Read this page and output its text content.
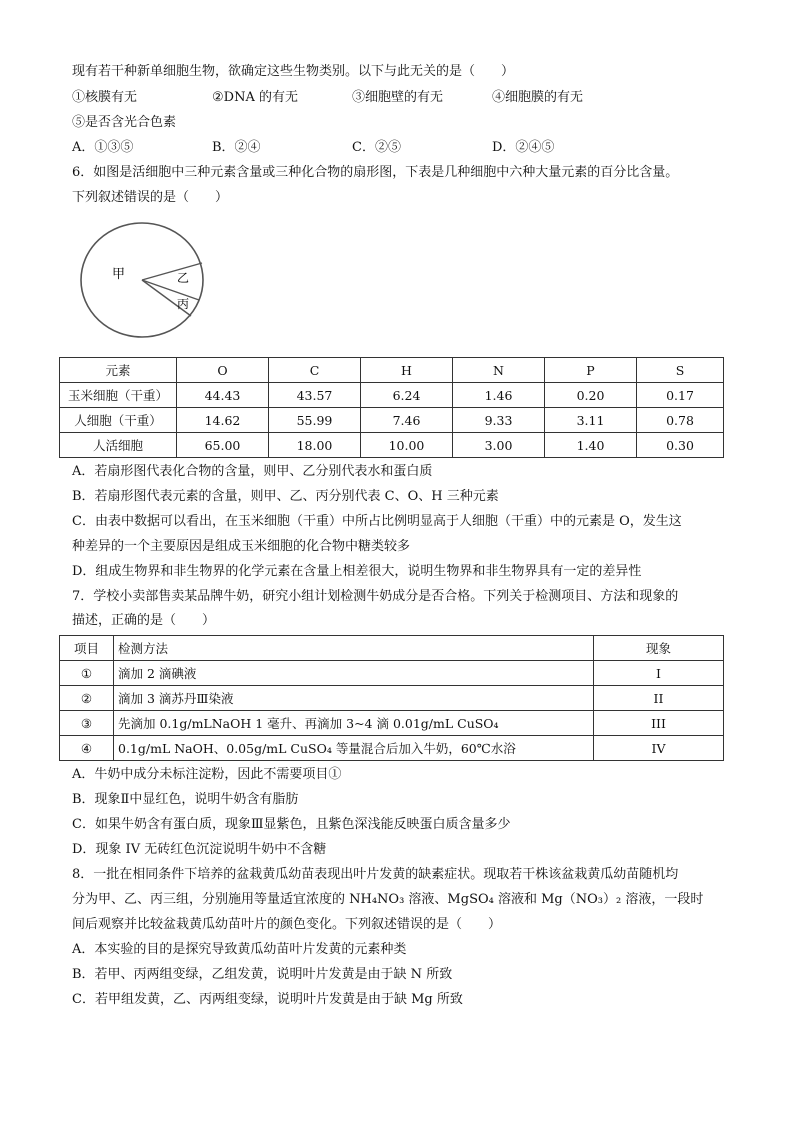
现有若干种新单细胞生物，欲确定这些生物类别。以下与此无关的是（　　）
①核膜有无	②DNA 的有无	③细胞壁的有无	④细胞膜的有无
⑤是否含光合色素
A．①③⑤	B．②④	C．②⑤	D．②④⑤
6．如图是活细胞中三种元素含量或三种化合物的扇形图，下表是几种细胞中六种大量元素的百分比含量。
下列叙述错误的是（　　）
甲	乙
丙
元素	O	C	H	N	P	S
玉米细胞（干重）	44.43	43.57	6.24	1.46	0.20	0.17
人细胞（干重）	14.62	55.99	7.46	9.33	3.11	0.78
人活细胞	65.00	18.00	10.00	3.00	1.40	0.30
A．若扇形图代表化合物的含量，则甲、乙分别代表水和蛋白质
B．若扇形图代表元素的含量，则甲、乙、丙分别代表 C、O、H 三种元素
C．由表中数据可以看出，在玉米细胞（干重）中所占比例明显高于人细胞（干重）中的元素是 O，发生这
种差异的一个主要原因是组成玉米细胞的化合物中糖类较多
D．组成生物界和非生物界的化学元素在含量上相差很大，说明生物界和非生物界具有一定的差异性
7．学校小卖部售卖某品牌牛奶，研究小组计划检测牛奶成分是否合格。下列关于检测项目、方法和现象的
描述，正确的是（　　）
项目	检测方法	现象
①	滴加 2 滴碘液	I
②	滴加 3 滴苏丹Ⅲ染液	II
③	先滴加 0.1g/mLNaOH 1 毫升、再滴加 3~4 滴 0.01g/mL CuSO₄	III
④	0.1g/mL NaOH、0.05g/mL CuSO₄ 等量混合后加入牛奶，60℃水浴	IV
A．牛奶中成分未标注淀粉，因此不需要项目①
B．现象Ⅱ中显红色，说明牛奶含有脂肪
C．如果牛奶含有蛋白质，现象Ⅲ显紫色，且紫色深浅能反映蛋白质含量多少
D．现象 IV 无砖红色沉淀说明牛奶中不含糖
8．一批在相同条件下培养的盆栽黄瓜幼苗表现出叶片发黄的缺素症状。现取若干株该盆栽黄瓜幼苗随机均
分为甲、乙、丙三组，分别施用等量适宜浓度的 NH₄NO₃ 溶液、MgSO₄ 溶液和 Mg（NO₃）₂ 溶液，一段时
间后观察并比较盆栽黄瓜幼苗叶片的颜色变化。下列叙述错误的是（　　）
A．本实验的目的是探究导致黄瓜幼苗叶片发黄的元素种类
B．若甲、丙两组变绿，乙组发黄，说明叶片发黄是由于缺 N 所致
C．若甲组发黄，乙、丙两组变绿，说明叶片发黄是由于缺 Mg 所致
